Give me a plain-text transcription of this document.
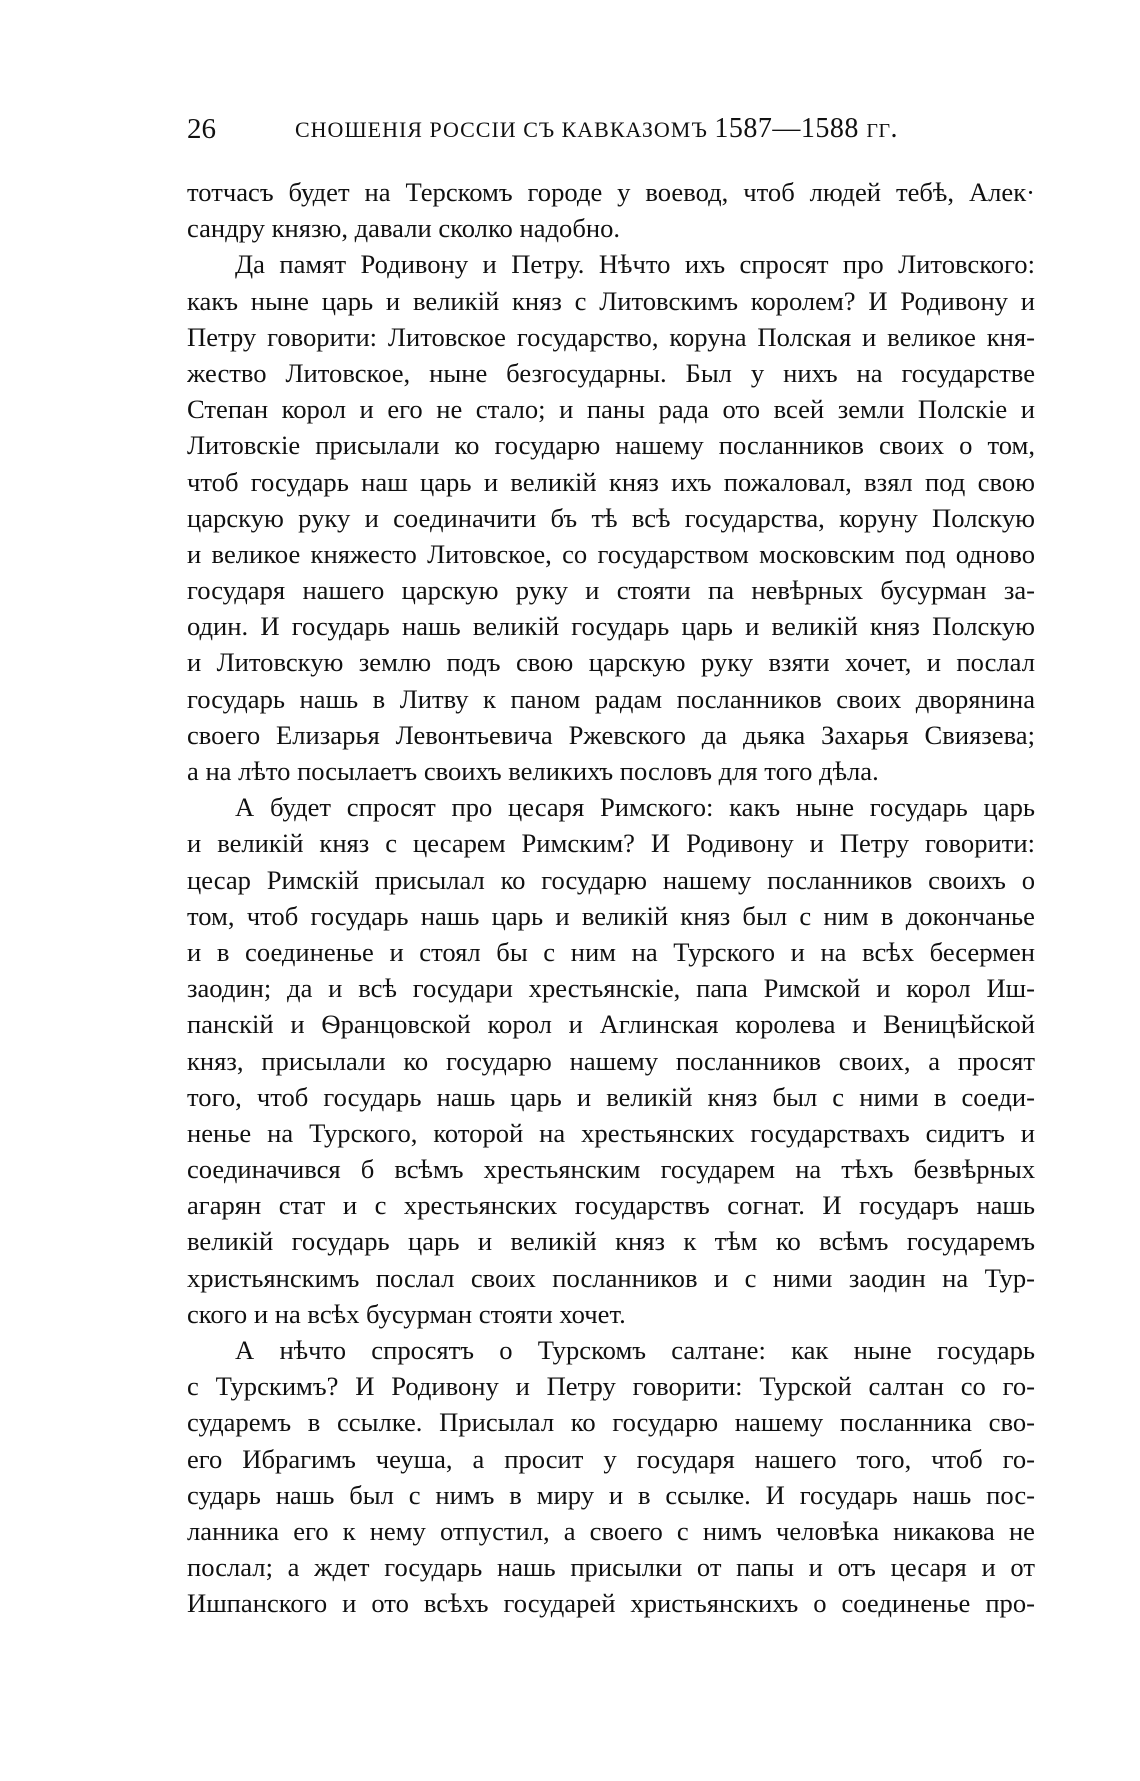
26	СНОШЕНІЯ РОССІИ СЪ КАВКАЗОМЪ 1587—1588 гг.
тотчасъ будет на Терскомъ городе у воевод, чтоб людей тебѣ, Алек·
сандру князю, давали сколко надобно.
Да памят Родивону и Петру. Нѣчто ихъ спросят про Литовского:
какъ ныне царь и великій княз с Литовскимъ королем? И Родивону и
Петру говорити: Литовское государство, коруна Полская и великое кня-
жество Литовское, ныне безгосударны. Был у нихъ на государстве
Степан корол и его не стало; и паны рада ото всей земли Полскіе и
Литовскіе присылали ко государю нашему посланников своих о том,
чтоб государь наш царь и великій княз ихъ пожаловал, взял под свою
царскую руку и соединачити бъ тѣ всѣ государства, коруну Полскую
и великое княжесто Литовское, со государством московским под одново
государя нашего царскую руку и стояти па невѣрных бусурман за-
один. И государь нашь великій государь царь и великій княз Полскую
и Литовскую землю подъ свою царскую руку взяти хочет, и послал
государь нашь в Литву к паном радам посланников своих дворянина
своего Елизарья Левонтьевича Ржевского да дьяка Захарья Свиязева;
а на лѣто посылаетъ своихъ великихъ пословъ для того дѣла.
А будет спросят про цесаря Римского: какъ ныне государь царь
и великій княз с цесарем Римским? И Родивону и Петру говорити:
цесар Римскій присылал ко государю нашему посланников своихъ о
том, чтоб государь нашь царь и великій княз был с ним в докончанье
и в соединенье и стоял бы с ним на Турского и на всѣх бесермен
заодин; да и всѣ государи хрестьянскіе, папа Римской и корол Иш-
панскій и Ѳранцовской корол и Аглинская королева и Веницѣйской
княз, присылали ко государю нашему посланников своих, а просят
того, чтоб государь нашь царь и великій княз был с ними в соеди-
ненье на Турского, которой на хрестьянских государствахъ сидитъ и
соединачився б всѣмъ хрестьянским государем на тѣхъ безвѣрных
агарян стат и с хрестьянских государствъ согнат. И государъ нашь
великій государь царь и великій княз к тѣм ко всѣмъ государемъ
христьянскимъ послал своих посланников и с ними заодин на Тур-
ского и на всѣх бусурман стояти хочет.
А нѣчто спросятъ о Турскомъ салтане: как ныне государь
с Турскимъ? И Родивону и Петру говорити: Турской салтан со го-
сударемъ в ссылке. Присылал ко государю нашему посланника сво-
его Ибрагимъ чеуша, а просит у государя нашего того, чтоб го-
сударь нашь был с нимъ в миру и в ссылке. И государь нашь пос-
ланника его к нему отпустил, а своего с нимъ человѣка никакова не
послал; а ждет государь нашь присылки от папы и отъ цесаря и от
Ишпанского и ото всѣхъ государей христьянскихъ о соединенье про-
